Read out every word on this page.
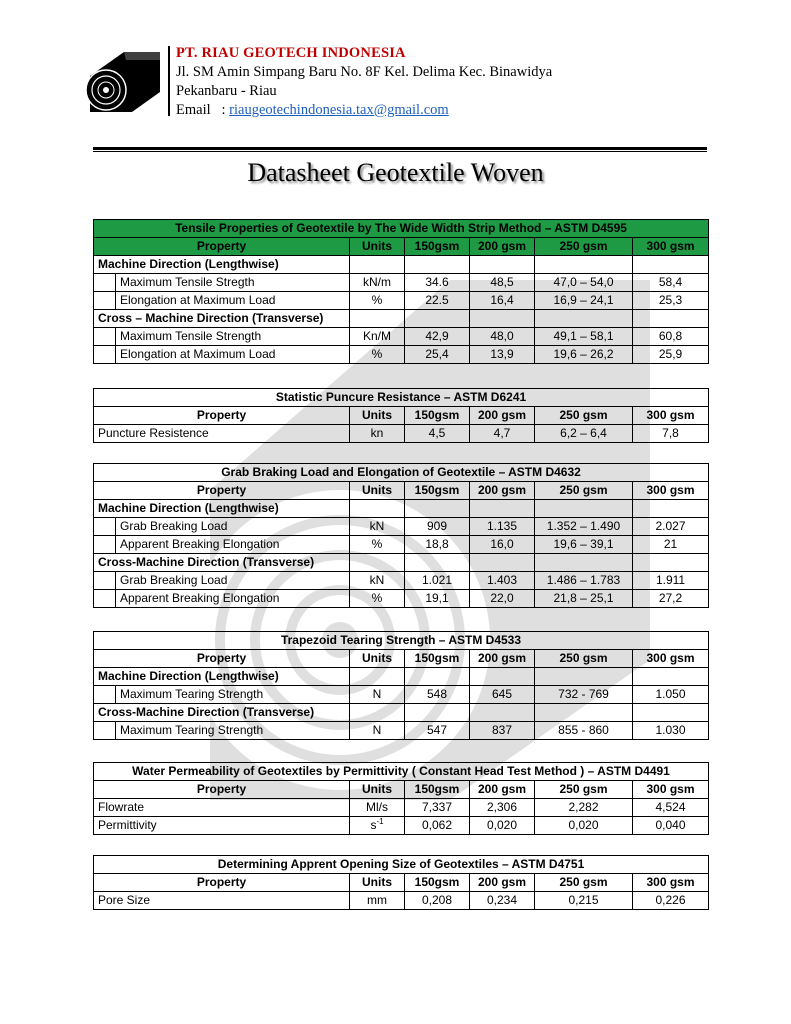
PT. RIAU GEOTECH INDONESIA
Jl. SM Amin Simpang Baru No. 8F Kel. Delima Kec. Binawidya
Pekanbaru - Riau
Email   : riaugeotechindonesia.tax@gmail.com
Datasheet Geotextile Woven
Tensile Properties of Geotextile by The Wide Width Strip Method – ASTM D4595						
Property		Units	150gsm	200 gsm	250 gsm	300 gsm
Machine Direction (Lengthwise)						
	Maximum Tensile Stregth	kN/m	34.6	48,5	47,0 – 54,0	58,4
	Elongation at Maximum Load	%	22.5	16,4	16,9 – 24,1	25,3
Cross – Machine Direction (Transverse)						
	Maximum Tensile Strength	Kn/M	42,9	48,0	49,1 – 58,1	60,8
	Elongation at Maximum Load	%	25,4	13,9	19,6 – 26,2	25,9
Statistic Puncure Resistance – ASTM D6241					
Property	Units	150gsm	200 gsm	250 gsm	300 gsm
Puncture Resistence	kn	4,5	4,7	6,2 – 6,4	7,8
Grab Braking Load and Elongation of Geotextile – ASTM D4632						
Property		Units	150gsm	200 gsm	250 gsm	300 gsm
Machine Direction (Lengthwise)						
	Grab Breaking Load	kN	909	1.135	1.352 – 1.490	2.027
	Apparent Breaking Elongation	%	18,8	16,0	19,6 – 39,1	21
Cross-Machine Direction (Transverse)						
	Grab Breaking Load	kN	1.021	1.403	1.486 – 1.783	1.911
	Apparent Breaking Elongation	%	19,1	22,0	21,8 – 25,1	27,2
Trapezoid Tearing Strength – ASTM D4533						
Property		Units	150gsm	200 gsm	250 gsm	300 gsm
Machine Direction (Lengthwise)						
	Maximum Tearing Strength	N	548	645	732 - 769	1.050
Cross-Machine Direction (Transverse)						
	Maximum Tearing Strength	N	547	837	855 - 860	1.030
Water Permeability of Geotextiles by Permittivity ( Constant Head Test Method ) – ASTM D4491					
Property	Units	150gsm	200 gsm	250 gsm	300 gsm
Flowrate	Ml/s	7,337	2,306	2,282	4,524
Permittivity	$s^{-1}$	0,062	0,020	0,020	0,040
Determining Apprent Opening Size of Geotextiles – ASTM D4751					
Property	Units	150gsm	200 gsm	250 gsm	300 gsm
Pore Size	mm	0,208	0,234	0,215	0,226
